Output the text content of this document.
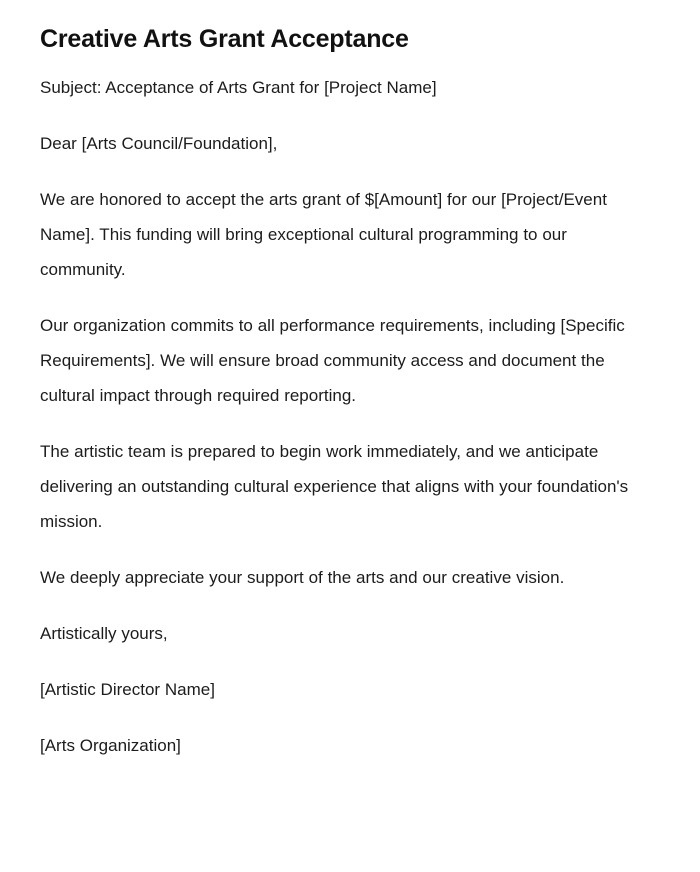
Creative Arts Grant Acceptance

Subject: Acceptance of Arts Grant for [Project Name]

Dear [Arts Council/Foundation],

We are honored to accept the arts grant of $[Amount] for our [Project/Event Name]. This funding will bring exceptional cultural programming to our community.

Our organization commits to all performance requirements, including [Specific Requirements]. We will ensure broad community access and document the cultural impact through required reporting.

The artistic team is prepared to begin work immediately, and we anticipate delivering an outstanding cultural experience that aligns with your foundation's mission.

We deeply appreciate your support of the arts and our creative vision.

Artistically yours,

[Artistic Director Name]

[Arts Organization]
